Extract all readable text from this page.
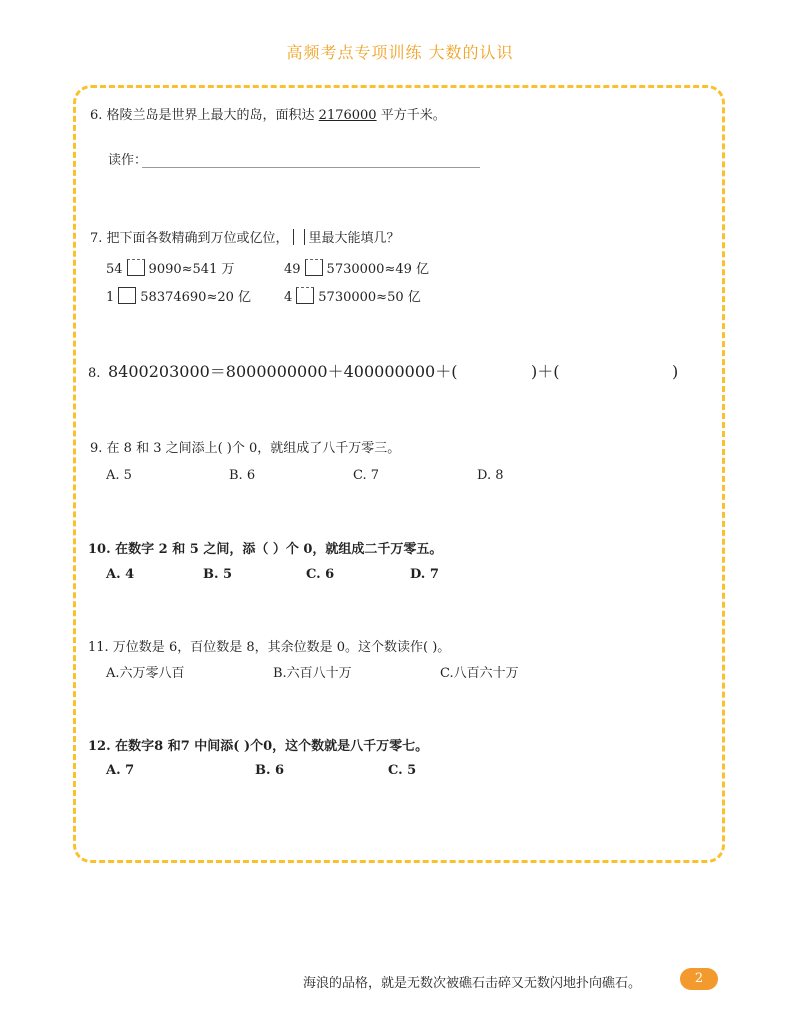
高频考点专项训练 大数的认识
6. 格陵兰岛是世界上最大的岛，面积达 2176000 平方千米。
读作：
7. 把下面各数精确到万位或亿位， 里最大能填几？
54 9090≈541 万	49 5730000≈49 亿
1 58374690≈20 亿	4 5730000≈50 亿
8. 8400203000＝8000000000＋400000000＋(	)＋(	)
9. 在 8 和 3 之间添上( )个 0，就组成了八千万零三。
A. 5	B. 6	C. 7	D. 8
10. 在数字 2 和 5 之间，添（ ）个 0，就组成二千万零五。
A. 4	B. 5	C. 6	D. 7
11. 万位数是 6，百位数是 8，其余位数是 0。这个数读作( )。
A.六万零八百	B.六百八十万	C.八百六十万
12. 在数字8 和7 中间添( )个0，这个数就是八千万零七。
A. 7	B. 6	C. 5
海浪的品格，就是无数次被礁石击碎又无数闪地扑向礁石。	2
